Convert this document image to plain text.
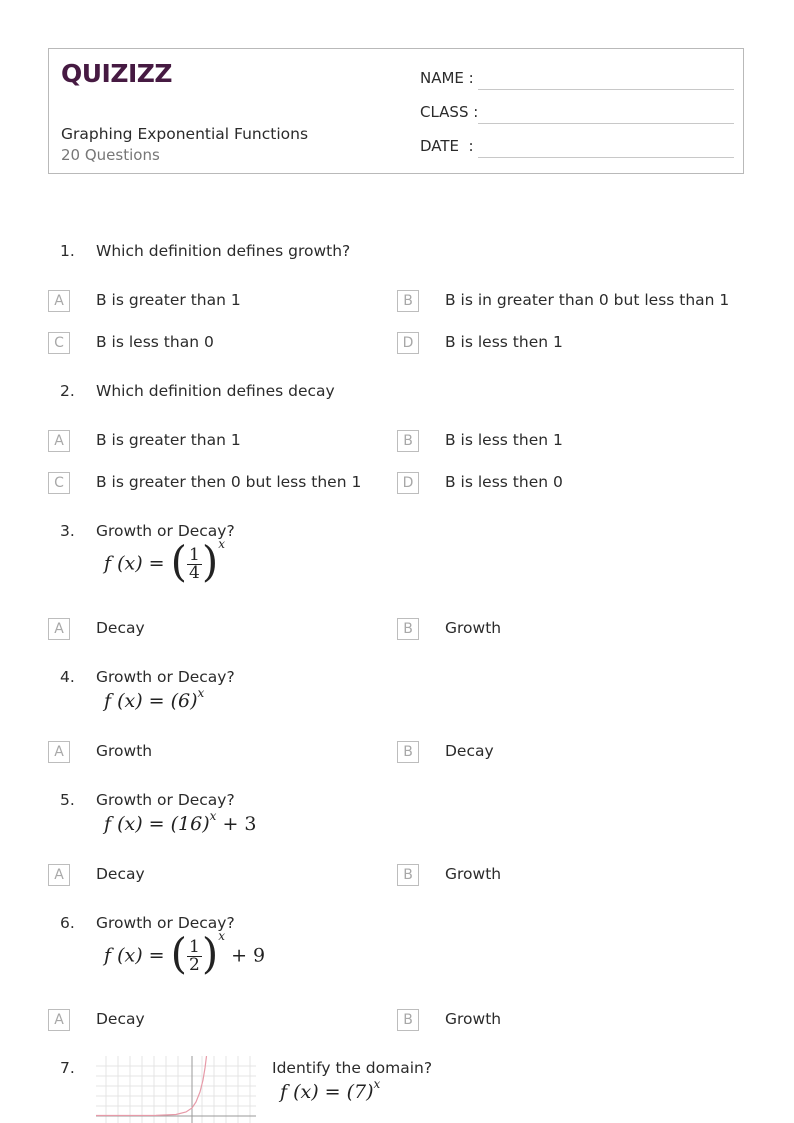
QUIZIZZ
Graphing Exponential Functions
20 Questions
NAME :
CLASS :
DATE  :
1. Which definition defines growth?
A	B is greater than 1	B	B is in greater than 0 but less than 1
C	B is less than 0	D	B is less then 1
2. Which definition defines decay
A	B is greater than 1	B	B is less then 1
C	B is greater then 0 but less then 1	D	B is less then 0
3. Growth or Decay?
f (x) = ( $\frac{1}{4} )^x$
A	Decay	B	Growth
4. Growth or Decay?
f $(x) = (6)^x$
A	Growth	B	Decay
5. Growth or Decay?
f $(x) = (16)^x + 3$
A	Decay	B	Growth
6. Growth or Decay?
f (x) = ( $\frac{1}{2} )^x + 9$
A	Decay	B	Growth
7.	Identify the domain?
f $(x) = (7)^x$
